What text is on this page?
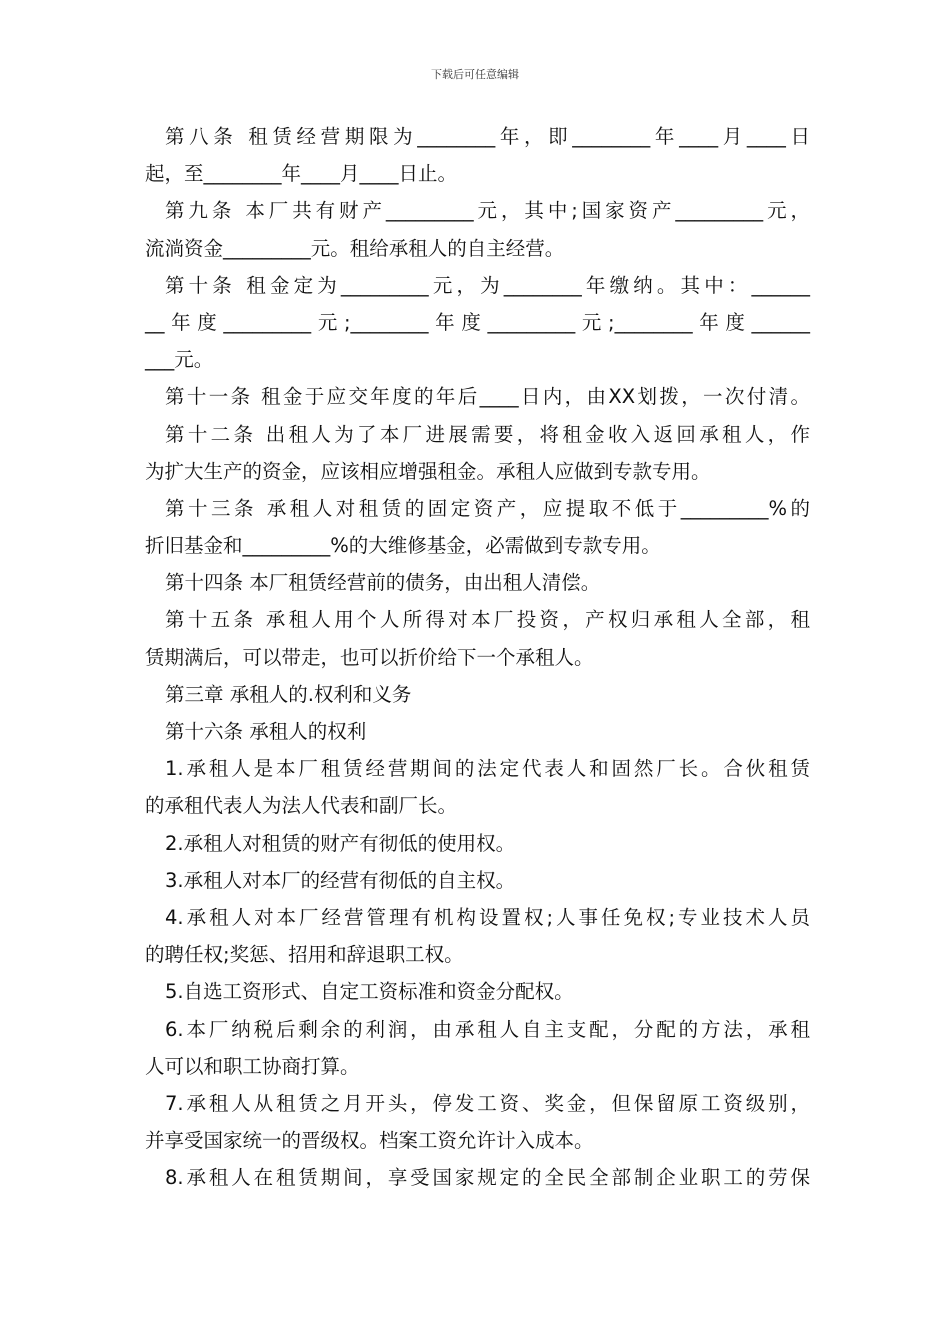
下载后可任意编辑
第八条 租赁经营期限为________年，即________年____月____日
起，至________年____月____日止。
第九条 本厂共有财产_________元，其中;国家资产_________元，
流淌资金_________元。租给承租人的自主经营。
第十条 租金定为_________元，为________年缴纳。其中：______
__年度_________元;________年度_________元;________年度______
___元。
第十一条 租金于应交年度的年后____日内，由XX划拨，一次付清。
第十二条 出租人为了本厂进展需要，将租金收入返回承租人，作
为扩大生产的资金，应该相应增强租金。承租人应做到专款专用。
第十三条 承租人对租赁的固定资产，应提取不低于_________%的
折旧基金和_________%的大维修基金，必需做到专款专用。
第十四条 本厂租赁经营前的债务，由出租人清偿。
第十五条 承租人用个人所得对本厂投资，产权归承租人全部，租
赁期满后，可以带走，也可以折价给下一个承租人。
第三章 承租人的.权利和义务
第十六条 承租人的权利
1.承租人是本厂租赁经营期间的法定代表人和固然厂长。合伙租赁
的承租代表人为法人代表和副厂长。
2.承租人对租赁的财产有彻低的使用权。
3.承租人对本厂的经营有彻低的自主权。
4.承租人对本厂经营管理有机构设置权;人事任免权;专业技术人员
的聘任权;奖惩、招用和辞退职工权。
5.自选工资形式、自定工资标准和资金分配权。
6.本厂纳税后剩余的利润，由承租人自主支配，分配的方法，承租
人可以和职工协商打算。
7.承租人从租赁之月开头，停发工资、奖金，但保留原工资级别，
并享受国家统一的晋级权。档案工资允许计入成本。
8.承租人在租赁期间，享受国家规定的全民全部制企业职工的劳保
